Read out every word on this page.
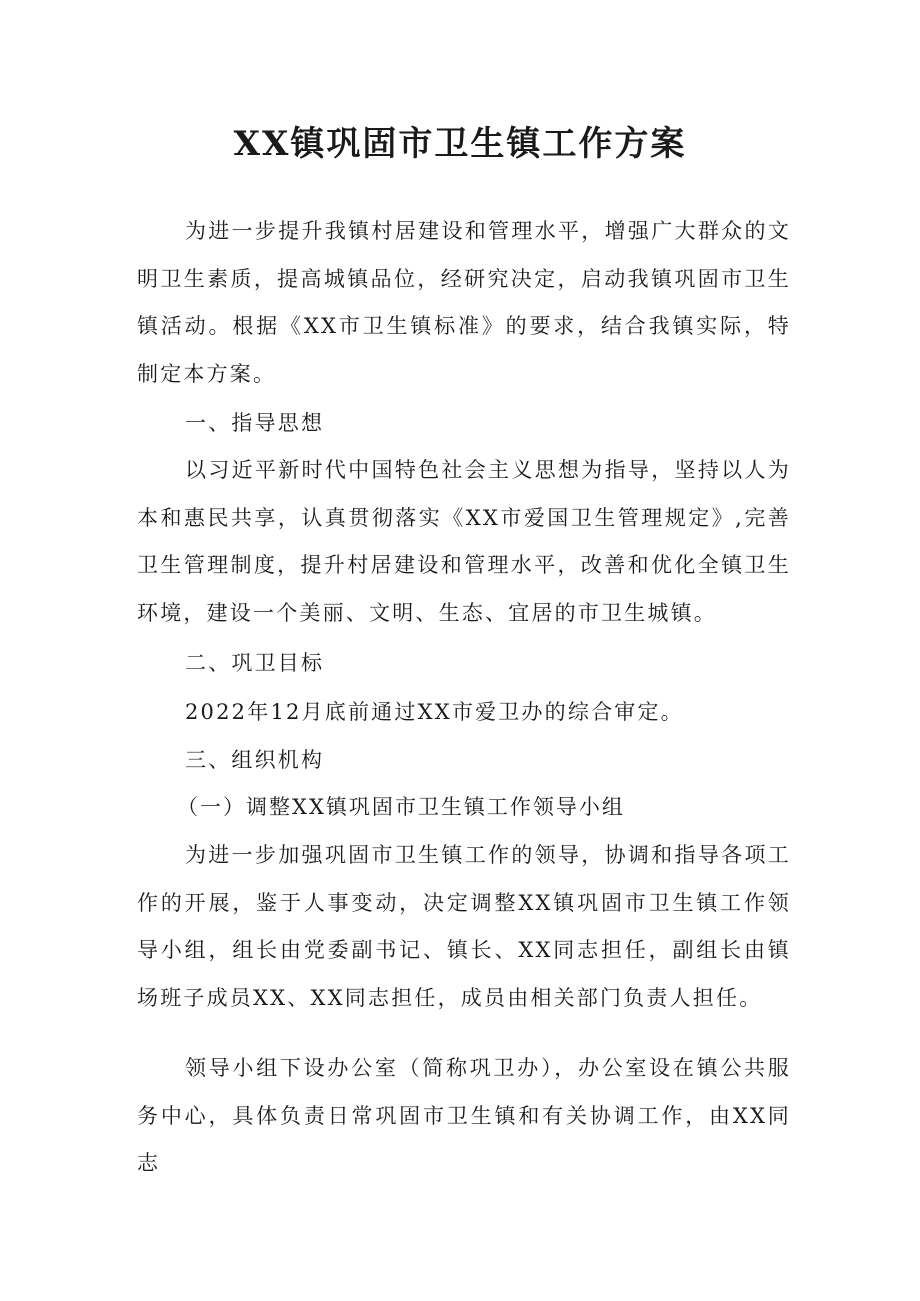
XX镇巩固市卫生镇工作方案

为进一步提升我镇村居建设和管理水平，增强广大群众的文明卫生素质，提高城镇品位，经研究决定，启动我镇巩固市卫生镇活动。根据《XX市卫生镇标准》的要求，结合我镇实际，特制定本方案。

一、指导思想

以习近平新时代中国特色社会主义思想为指导，坚持以人为本和惠民共享，认真贯彻落实《XX市爱国卫生管理规定》,完善卫生管理制度，提升村居建设和管理水平，改善和优化全镇卫生环境，建设一个美丽、文明、生态、宜居的市卫生城镇。

二、巩卫目标

2022年12月底前通过XX市爱卫办的综合审定。

三、组织机构

（一）调整XX镇巩固市卫生镇工作领导小组

为进一步加强巩固市卫生镇工作的领导，协调和指导各项工作的开展，鉴于人事变动，决定调整XX镇巩固市卫生镇工作领导小组，组长由党委副书记、镇长、XX同志担任，副组长由镇场班子成员XX、XX同志担任，成员由相关部门负责人担任。

领导小组下设办公室（简称巩卫办），办公室设在镇公共服务中心，具体负责日常巩固市卫生镇和有关协调工作，由XX同志
